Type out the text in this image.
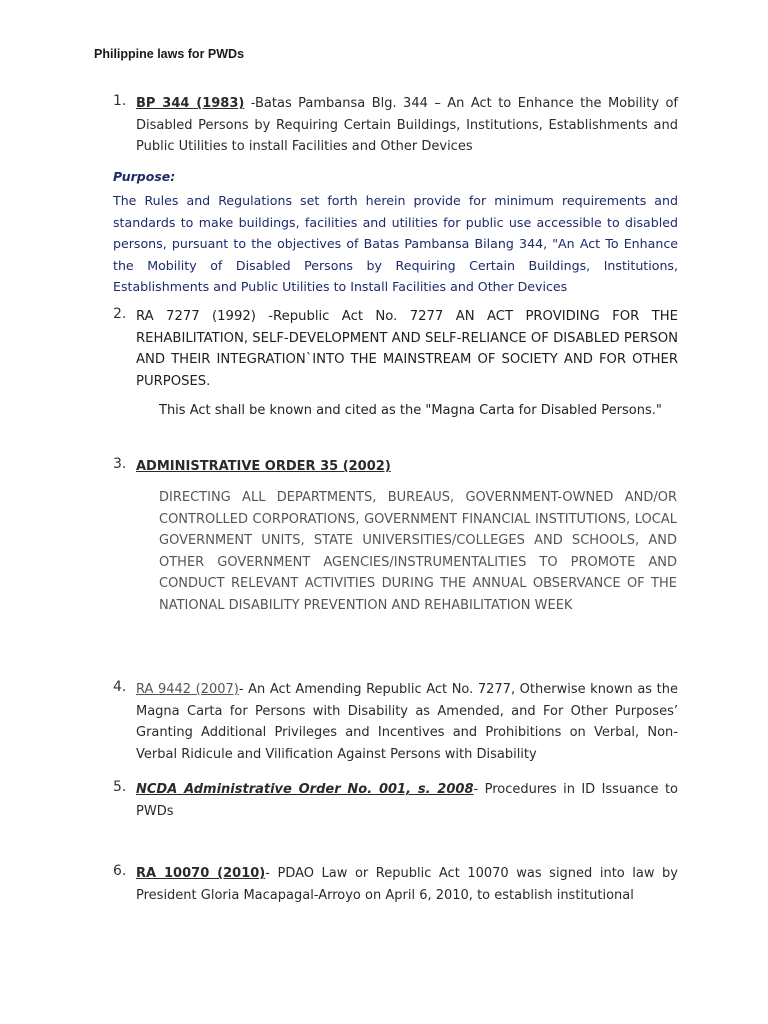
Philippine laws for PWDs
1. BP 344 (1983) -Batas Pambansa Blg. 344 – An Act to Enhance the Mobility of Disabled Persons by Requiring Certain Buildings, Institutions, Establishments and Public Utilities to install Facilities and Other Devices
Purpose:
The Rules and Regulations set forth herein provide for minimum requirements and standards to make buildings, facilities and utilities for public use accessible to disabled persons, pursuant to the objectives of Batas Pambansa Bilang 344, "An Act To Enhance the Mobility of Disabled Persons by Requiring Certain Buildings, Institutions, Establishments and Public Utilities to Install Facilities and Other Devices
2. RA 7277 (1992) -Republic Act No. 7277 AN ACT PROVIDING FOR THE REHABILITATION, SELF-DEVELOPMENT AND SELF-RELIANCE OF DISABLED PERSON AND THEIR INTEGRATION`INTO THE MAINSTREAM OF SOCIETY AND FOR OTHER PURPOSES.
This Act shall be known and cited as the "Magna Carta for Disabled Persons."
3. ADMINISTRATIVE ORDER 35 (2002)
DIRECTING ALL DEPARTMENTS, BUREAUS, GOVERNMENT-OWNED AND/OR CONTROLLED CORPORATIONS, GOVERNMENT FINANCIAL INSTITUTIONS, LOCAL GOVERNMENT UNITS, STATE UNIVERSITIES/COLLEGES AND SCHOOLS, AND OTHER GOVERNMENT AGENCIES/INSTRUMENTALITIES TO PROMOTE AND CONDUCT RELEVANT ACTIVITIES DURING THE ANNUAL OBSERVANCE OF THE NATIONAL DISABILITY PREVENTION AND REHABILITATION WEEK
4. RA 9442 (2007)- An Act Amending Republic Act No. 7277, Otherwise known as the Magna Carta for Persons with Disability as Amended, and For Other Purposes’ Granting Additional Privileges and Incentives and Prohibitions on Verbal, Non-Verbal Ridicule and Vilification Against Persons with Disability
5. NCDA Administrative Order No. 001, s. 2008- Procedures in ID Issuance to PWDs
6. RA 10070 (2010)- PDAO Law or Republic Act 10070 was signed into law by President Gloria Macapagal-Arroyo on April 6, 2010, to establish institutional
